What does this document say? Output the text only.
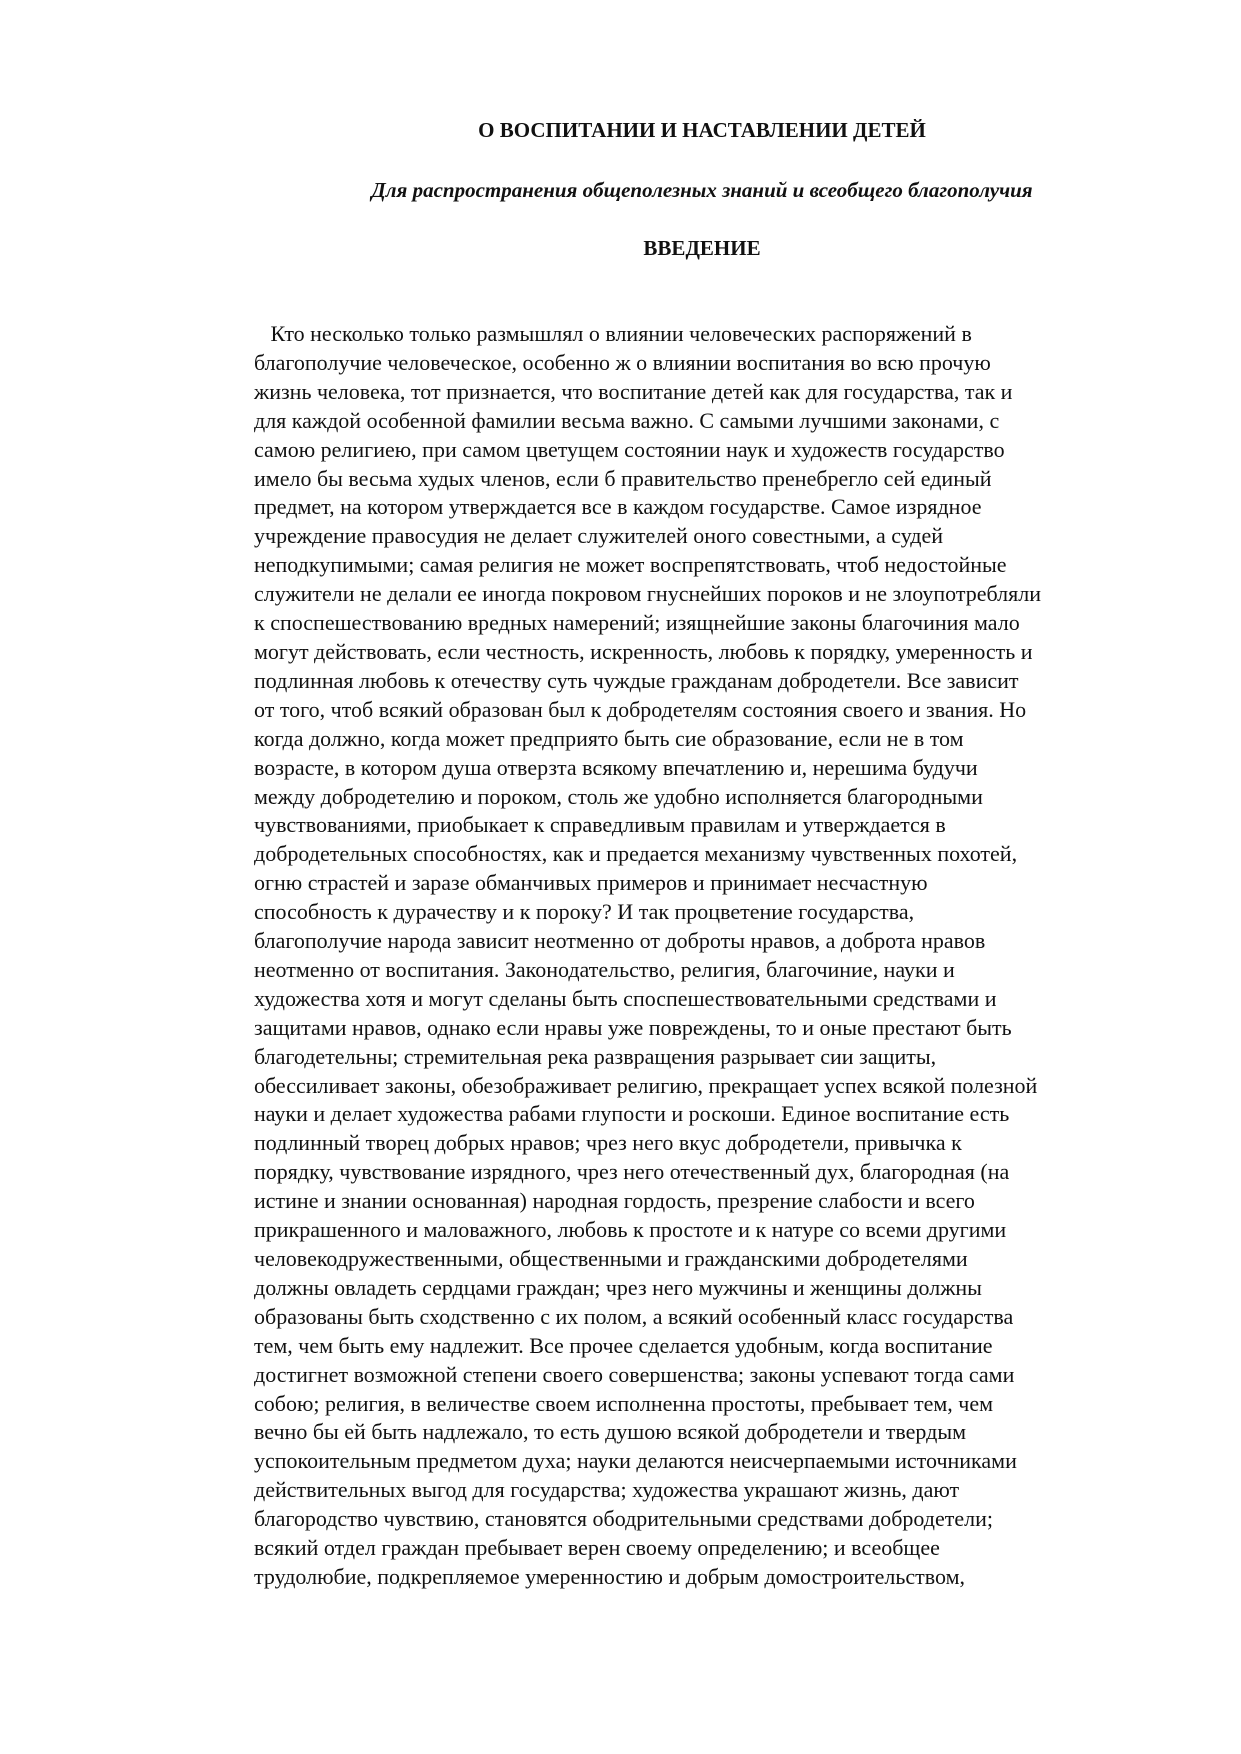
О ВОСПИТАНИИ И НАСТАВЛЕНИИ ДЕТЕЙ
Для распространения общеполезных знаний и всеобщего благополучия
ВВЕДЕНИЕ
Кто несколько только размышлял о влиянии человеческих распоряжений в
благополучие человеческое, особенно ж о влиянии воспитания во всю прочую
жизнь человека, тот признается, что воспитание детей как для государства, так и
для каждой особенной фамилии весьма важно. С самыми лучшими законами, с
самою религиею, при самом цветущем состоянии наук и художеств государство
имело бы весьма худых членов, если б правительство пренебрегло сей единый
предмет, на котором утверждается все в каждом государстве. Самое изрядное
учреждение правосудия не делает служителей оного совестными, а судей
неподкупимыми; самая религия не может воспрепятствовать, чтоб недостойные
служители не делали ее иногда покровом гнуснейших пороков и не злоупотребляли
к споспешествованию вредных намерений; изящнейшие законы благочиния мало
могут действовать, если честность, искренность, любовь к порядку, умеренность и
подлинная любовь к отечеству суть чуждые гражданам добродетели. Все зависит
от того, чтоб всякий образован был к добродетелям состояния своего и звания. Но
когда должно, когда может предприято быть сие образование, если не в том
возрасте, в котором душа отверзта всякому впечатлению и, нерешима будучи
между добродетелию и пороком, столь же удобно исполняется благородными
чувствованиями, приобыкает к справедливым правилам и утверждается в
добродетельных способностях, как и предается механизму чувственных похотей,
огню страстей и заразе обманчивых примеров и принимает несчастную
способность к дурачеству и к пороку? И так процветение государства,
благополучие народа зависит неотменно от доброты нравов, а доброта нравов
неотменно от воспитания. Законодательство, религия, благочиние, науки и
художества хотя и могут сделаны быть споспешествовательными средствами и
защитами нравов, однако если нравы уже повреждены, то и оные престают быть
благодетельны; стремительная река развращения разрывает сии защиты,
обессиливает законы, обезображивает религию, прекращает успех всякой полезной
науки и делает художества рабами глупости и роскоши. Единое воспитание есть
подлинный творец добрых нравов; чрез него вкус добродетели, привычка к
порядку, чувствование изрядного, чрез него отечественный дух, благородная (на
истине и знании основанная) народная гордость, презрение слабости и всего
прикрашенного и маловажного, любовь к простоте и к натуре со всеми другими
человекодружественными, общественными и гражданскими добродетелями
должны овладеть сердцами граждан; чрез него мужчины и женщины должны
образованы быть сходственно с их полом, а всякий особенный класс государства
тем, чем быть ему надлежит. Все прочее сделается удобным, когда воспитание
достигнет возможной степени своего совершенства; законы успевают тогда сами
собою; религия, в величестве своем исполненна простоты, пребывает тем, чем
вечно бы ей быть надлежало, то есть душою всякой добродетели и твердым
успокоительным предметом духа; науки делаются неисчерпаемыми источниками
действительных выгод для государства; художества украшают жизнь, дают
благородство чувствию, становятся ободрительными средствами добродетели;
всякий отдел граждан пребывает верен своему определению; и всеобщее
трудолюбие, подкрепляемое умеренностию и добрым домостроительством,
